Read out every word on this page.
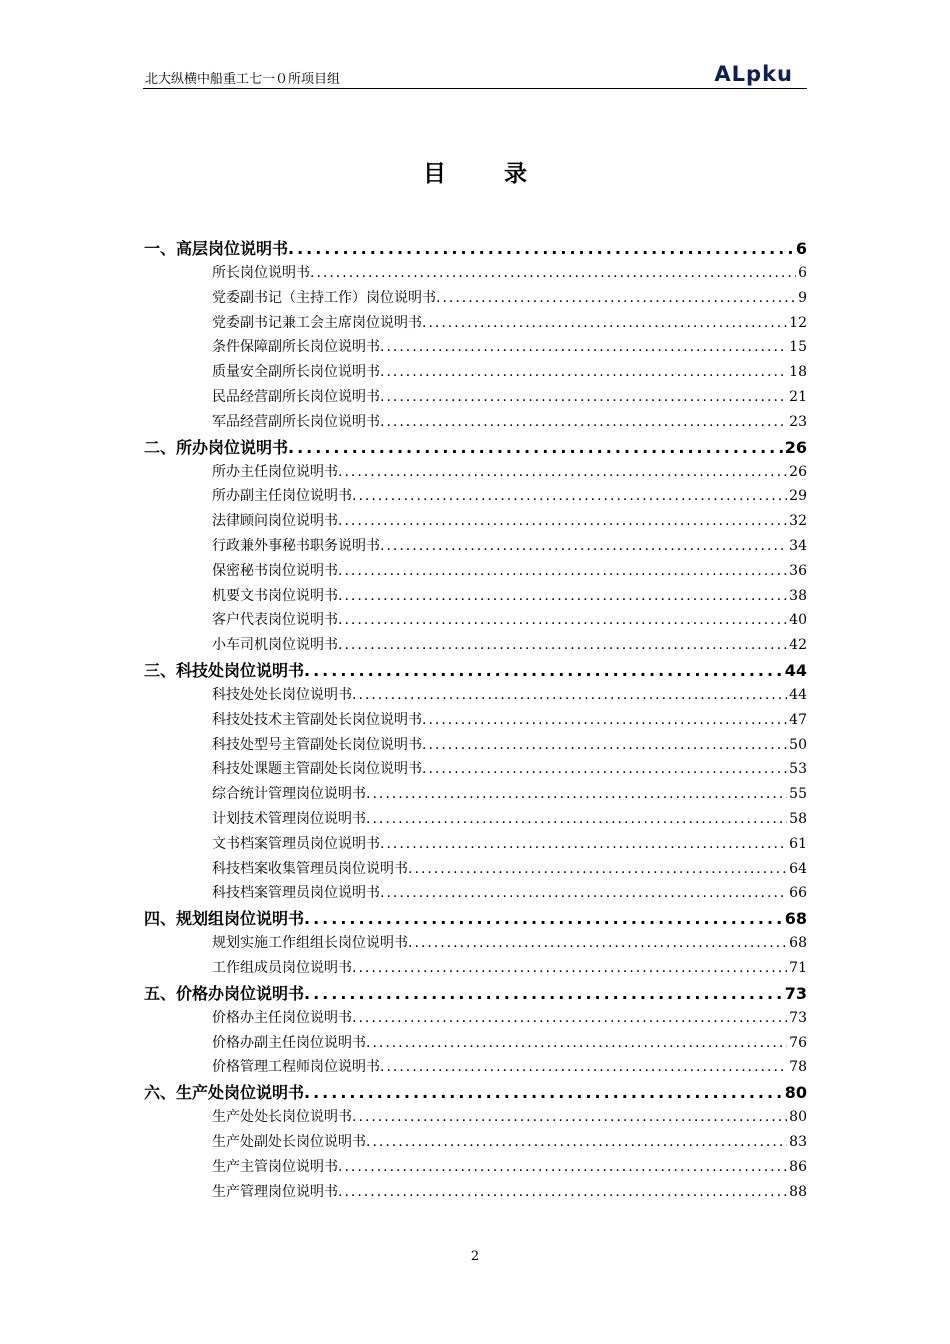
北大纵横中船重工七一０所项目组	ALpku
目 录
一、高层岗位说明书 .....	6
所长岗位说明书 .....	6
党委副书记（主持工作）岗位说明书 .....	9
党委副书记兼工会主席岗位说明书 .....	12
条件保障副所长岗位说明书 .....	15
质量安全副所长岗位说明书 .....	18
民品经营副所长岗位说明书 .....	21
军品经营副所长岗位说明书 .....	23
二、所办岗位说明书 .....	26
所办主任岗位说明书 .....	26
所办副主任岗位说明书 .....	29
法律顾问岗位说明书 .....	32
行政兼外事秘书职务说明书 .....	34
保密秘书岗位说明书 .....	36
机要文书岗位说明书 .....	38
客户代表岗位说明书 .....	40
小车司机岗位说明书 .....	42
三、科技处岗位说明书 .....	44
科技处处长岗位说明书 .....	44
科技处技术主管副处长岗位说明书 .....	47
科技处型号主管副处长岗位说明书 .....	50
科技处课题主管副处长岗位说明书 .....	53
综合统计管理岗位说明书 .....	55
计划技术管理岗位说明书 .....	58
文书档案管理员岗位说明书 .....	61
科技档案收集管理员岗位说明书 .....	64
科技档案管理员岗位说明书 .....	66
四、规划组岗位说明书 .....	68
规划实施工作组组长岗位说明书 .....	68
工作组成员岗位说明书 .....	71
五、价格办岗位说明书 .....	73
价格办主任岗位说明书 .....	73
价格办副主任岗位说明书 .....	76
价格管理工程师岗位说明书 .....	78
六、生产处岗位说明书 .....	80
生产处处长岗位说明书 .....	80
生产处副处长岗位说明书 .....	83
生产主管岗位说明书 .....	86
生产管理岗位说明书 .....	88
2
